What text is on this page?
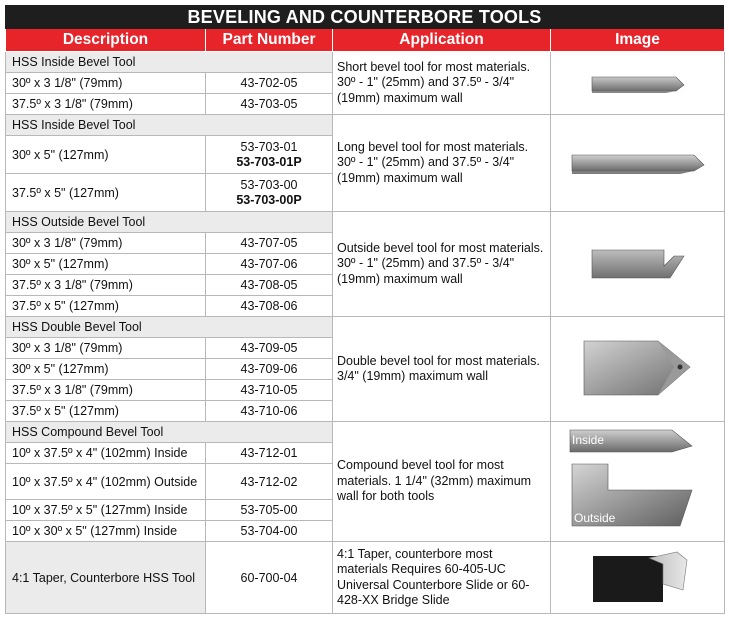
BEVELING AND COUNTERBORE TOOLS
Description	Part Number	Application	Image
HSS Inside Bevel Tool		Short bevel tool for most materials. 30º - 1" (25mm) and 37.5º - 3/4" (19mm) maximum wall	

30º x 3 1/8" (79mm)	43-702-05		
37.5º x 3 1/8" (79mm)	43-703-05		
HSS Inside Bevel Tool		Long bevel tool for most materials. 30º - 1" (25mm) and 37.5º - 3/4" (19mm) maximum wall	

30º x 5" (127mm)	53-703-01
53-703-01P		

37.5º x 5" (127mm)	53-703-00
53-703-00P		

HSS Outside Bevel Tool		Outside bevel tool for most materials. 30º - 1" (25mm) and 37.5º - 3/4" (19mm) maximum wall	

30º x 3 1/8" (79mm)	43-707-05		
30º x 5" (127mm)	43-707-06		
37.5º x 3 1/8" (79mm)	43-708-05		
37.5º x 5" (127mm)	43-708-06		
HSS Double Bevel Tool		Double bevel tool for most materials. 3/4" (19mm) maximum wall	

30º x 3 1/8" (79mm)	43-709-05		
30º x 5" (127mm)	43-709-06		
37.5º x 3 1/8" (79mm)	43-710-05		
37.5º x 5" (127mm)	43-710-06		
HSS Compound Bevel Tool		Compound bevel tool for most materials. 1 1/4" (32mm) maximum wall for both tools	Inside
Outside

10º x 37.5º x 4" (102mm) Inside	43-712-01		
10º x 37.5º x 4" (102mm) Outside	43-712-02		
10º x 37.5º x 5" (127mm) Inside	53-705-00		
10º x 30º x 5" (127mm) Inside	53-704-00		
4:1 Taper, Counterbore HSS Tool	60-700-04	4:1 Taper, counterbore most materials Requires 60-405-UC Universal Counterbore Slide or 60-428-XX Bridge Slide	
